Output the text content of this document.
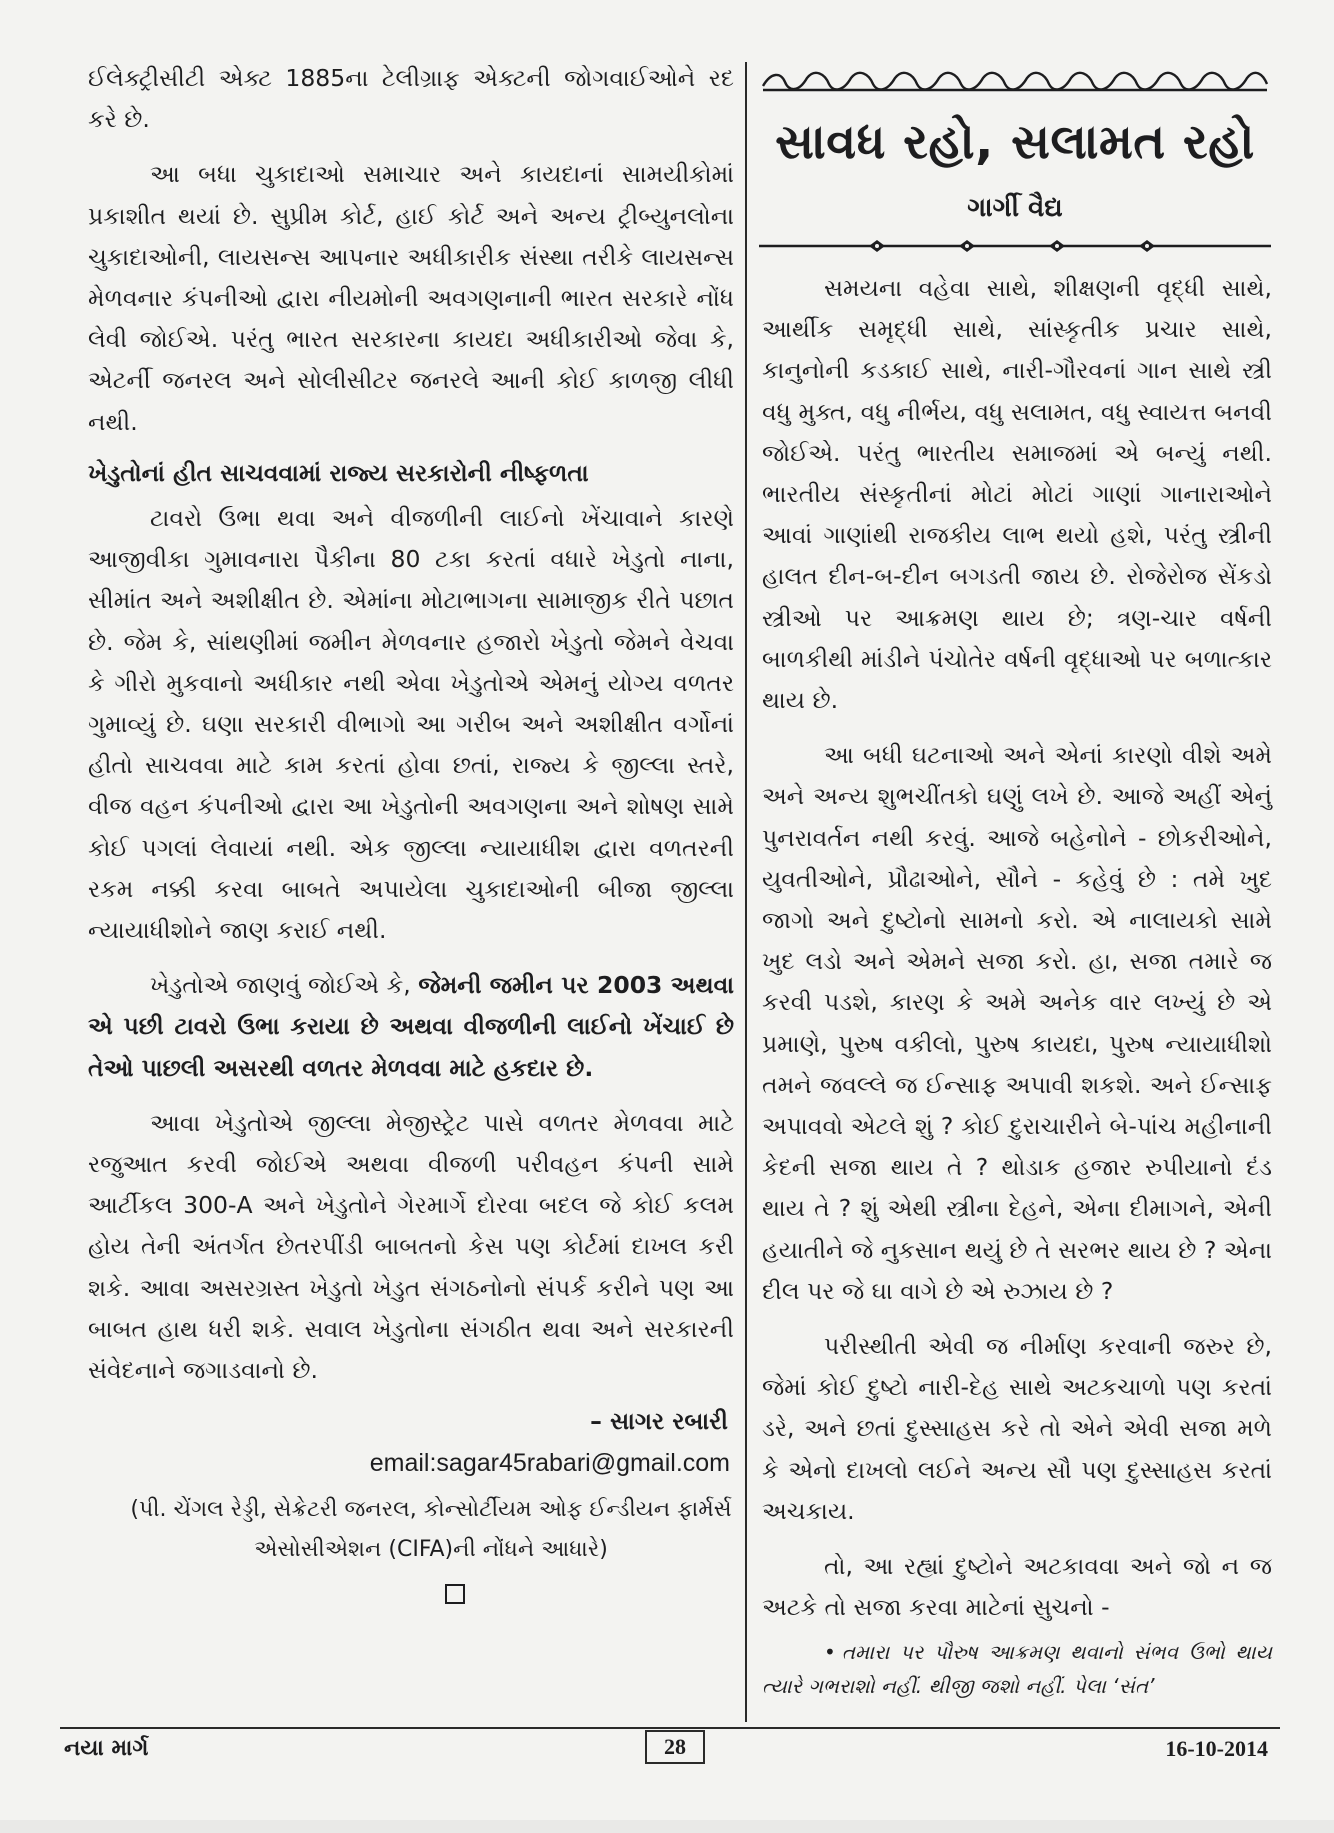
ઈલેક્ટ્રીસીટી એક્ટ 1885ના ટેલીગ્રાફ એક્ટની જોગવાઈઓને રદ કરે છે.

આ બધા ચુકાદાઓ સમાચાર અને કાયદાનાં સામયીકોમાં પ્રકાશીત થયાં છે. સુપ્રીમ કોર્ટ, હાઈ કોર્ટ અને અન્ય ટ્રીબ્યુનલોના ચુકાદાઓની, લાયસન્સ આપનાર અધીકારીક સંસ્થા તરીકે લાયસન્સ મેળવનાર કંપનીઓ દ્વારા નીયમોની અવગણનાની ભારત સરકારે નોંધ લેવી જોઈએ. પરંતુ ભારત સરકારના કાયદા અધીકારીઓ જેવા કે, એટર્ની જનરલ અને સોલીસીટર જનરલે આની કોઈ કાળજી લીધી નથી.

ખેડુતોનાં હીત સાચવવામાં રાજ્ય સરકારોની નીષ્ફળતા

ટાવરો ઉભા થવા અને વીજળીની લાઈનો ખેંચાવાને કારણે આજીવીકા ગુમાવનારા પૈકીના 80 ટકા કરતાં વધારે ખેડુતો નાના, સીમાંત અને અશીક્ષીત છે. એમાંના મોટાભાગના સામાજીક રીતે પછાત છે. જેમ કે, સાંથણીમાં જમીન મેળવનાર હજારો ખેડુતો જેમને વેચવા કે ગીરો મુકવાનો અધીકાર નથી એવા ખેડુતોએ એમનું યોગ્ય વળતર ગુમાવ્યું છે. ઘણા સરકારી વીભાગો આ ગરીબ અને અશીક્ષીત વર્ગોનાં હીતો સાચવવા માટે કામ કરતાં હોવા છતાં, રાજ્ય કે જીલ્લા સ્તરે, વીજ વહન કંપનીઓ દ્વારા આ ખેડુતોની અવગણના અને શોષણ સામે કોઈ પગલાં લેવાયાં નથી. એક જીલ્લા ન્યાયાધીશ દ્વારા વળતરની રકમ નક્કી કરવા બાબતે અપાયેલા ચુકાદાઓની બીજા જીલ્લા ન્યાયાધીશોને જાણ કરાઈ નથી.

ખેડુતોએ જાણવું જોઈએ કે, જેમની જમીન પર 2003 અથવા એ પછી ટાવરો ઉભા કરાયા છે અથવા વીજળીની લાઈનો ખેંચાઈ છે તેઓ પાછલી અસરથી વળતર મેળવવા માટે હકદાર છે.

આવા ખેડુતોએ જીલ્લા મેજીસ્ટ્રેટ પાસે વળતર મેળવવા માટે રજુઆત કરવી જોઈએ અથવા વીજળી પરીવહન કંપની સામે આર્ટીકલ 300-A અને ખેડુતોને ગેરમાર્ગે દોરવા બદલ જે કોઈ કલમ હોય તેની અંતર્ગત છેતરપીંડી બાબતનો કેસ પણ કોર્ટમાં દાખલ કરી શકે. આવા અસરગ્રસ્ત ખેડુતો ખેડુત સંગઠનોનો સંપર્ક કરીને પણ આ બાબત હાથ ધરી શકે. સવાલ ખેડુતોના સંગઠીત થવા અને સરકારની સંવેદનાને જગાડવાનો છે.

– સાગર રબારી

email:sagar45rabari@gmail.com

(પી. ચેંગલ રેડ્ડી, સેક્રેટરી જનરલ, કોન્સોર્ટીયમ ઓફ ઈન્ડીયન ફાર્મર્સ એસોસીએશન (CIFA)ની નોંધને આધારે)

સાવધ રહો, સલામત રહો
ગાર્ગી વૈદ્ય

સમયના વહેવા સાથે, શીક્ષણની વૃદ્ધી સાથે, આર્થીક સમૃદ્ધી સાથે, સાંસ્કૃતીક પ્રચાર સાથે, કાનુનોની કડકાઈ સાથે, નારી-ગૌરવનાં ગાન સાથે સ્ત્રી વધુ મુક્ત, વધુ નીર્ભય, વધુ સલામત, વધુ સ્વાયત્ત બનવી જોઈએ. પરંતુ ભારતીય સમાજમાં એ બન્યું નથી. ભારતીય સંસ્કૃતીનાં મોટાં મોટાં ગાણાં ગાનારાઓને આવાં ગાણાંથી રાજકીય લાભ થયો હશે, પરંતુ સ્ત્રીની હાલત દીન-બ-દીન બગડતી જાય છે. રોજેરોજ સેંકડો સ્ત્રીઓ પર આક્રમણ થાય છે; ત્રણ-ચાર વર્ષની બાળકીથી માંડીને પંચોતેર વર્ષની વૃદ્ધાઓ પર બળાત્કાર થાય છે.

આ બધી ઘટનાઓ અને એનાં કારણો વીશે અમે અને અન્ય શુભચીંતકો ઘણું લખે છે. આજે અહીં એનું પુનરાવર્તન નથી કરવું. આજે બહેનોને - છોકરીઓને, યુવતીઓને, પ્રૌઢાઓને, સૌને - કહેવું છે : તમે ખુદ જાગો અને દુષ્ટોનો સામનો કરો. એ નાલાયકો સામે ખુદ લડો અને એમને સજા કરો. હા, સજા તમારે જ કરવી પડશે, કારણ કે અમે અનેક વાર લખ્યું છે એ પ્રમાણે, પુરુષ વકીલો, પુરુષ કાયદા, પુરુષ ન્યાયાધીશો તમને જવલ્લે જ ઈન્સાફ અપાવી શકશે. અને ઈન્સાફ અપાવવો એટલે શું ? કોઈ દુરાચારીને બે-પાંચ મહીનાની કેદની સજા થાય તે ? થોડાક હજાર રુપીયાનો દંડ થાય તે ? શું એથી સ્ત્રીના દેહને, એના દીમાગને, એની હયાતીને જે નુકસાન થયું છે તે સરભર થાય છે ? એના દીલ પર જે ઘા વાગે છે એ રુઝાય છે ?

પરીસ્થીતી એવી જ નીર્માણ કરવાની જરુર છે, જેમાં કોઈ દુષ્ટો નારી-દેહ સાથે અટકચાળો પણ કરતાં ડરે, અને છતાં દુસ્સાહસ કરે તો એને એવી સજા મળે કે એનો દાખલો લઈને અન્ય સૌ પણ દુસ્સાહસ કરતાં અચકાય.

તો, આ રહ્યાં દુષ્ટોને અટકાવવા અને જો ન જ અટકે તો સજા કરવા માટેનાં સુચનો -

• તમારા પર પૌરુષ આક્રમણ થવાનો સંભવ ઉભો થાય ત્યારે ગભરાશો નહીં. થીજી જશો નહીં. પેલા ‘સંત’

નયા માર્ગ	28	16-10-2014
